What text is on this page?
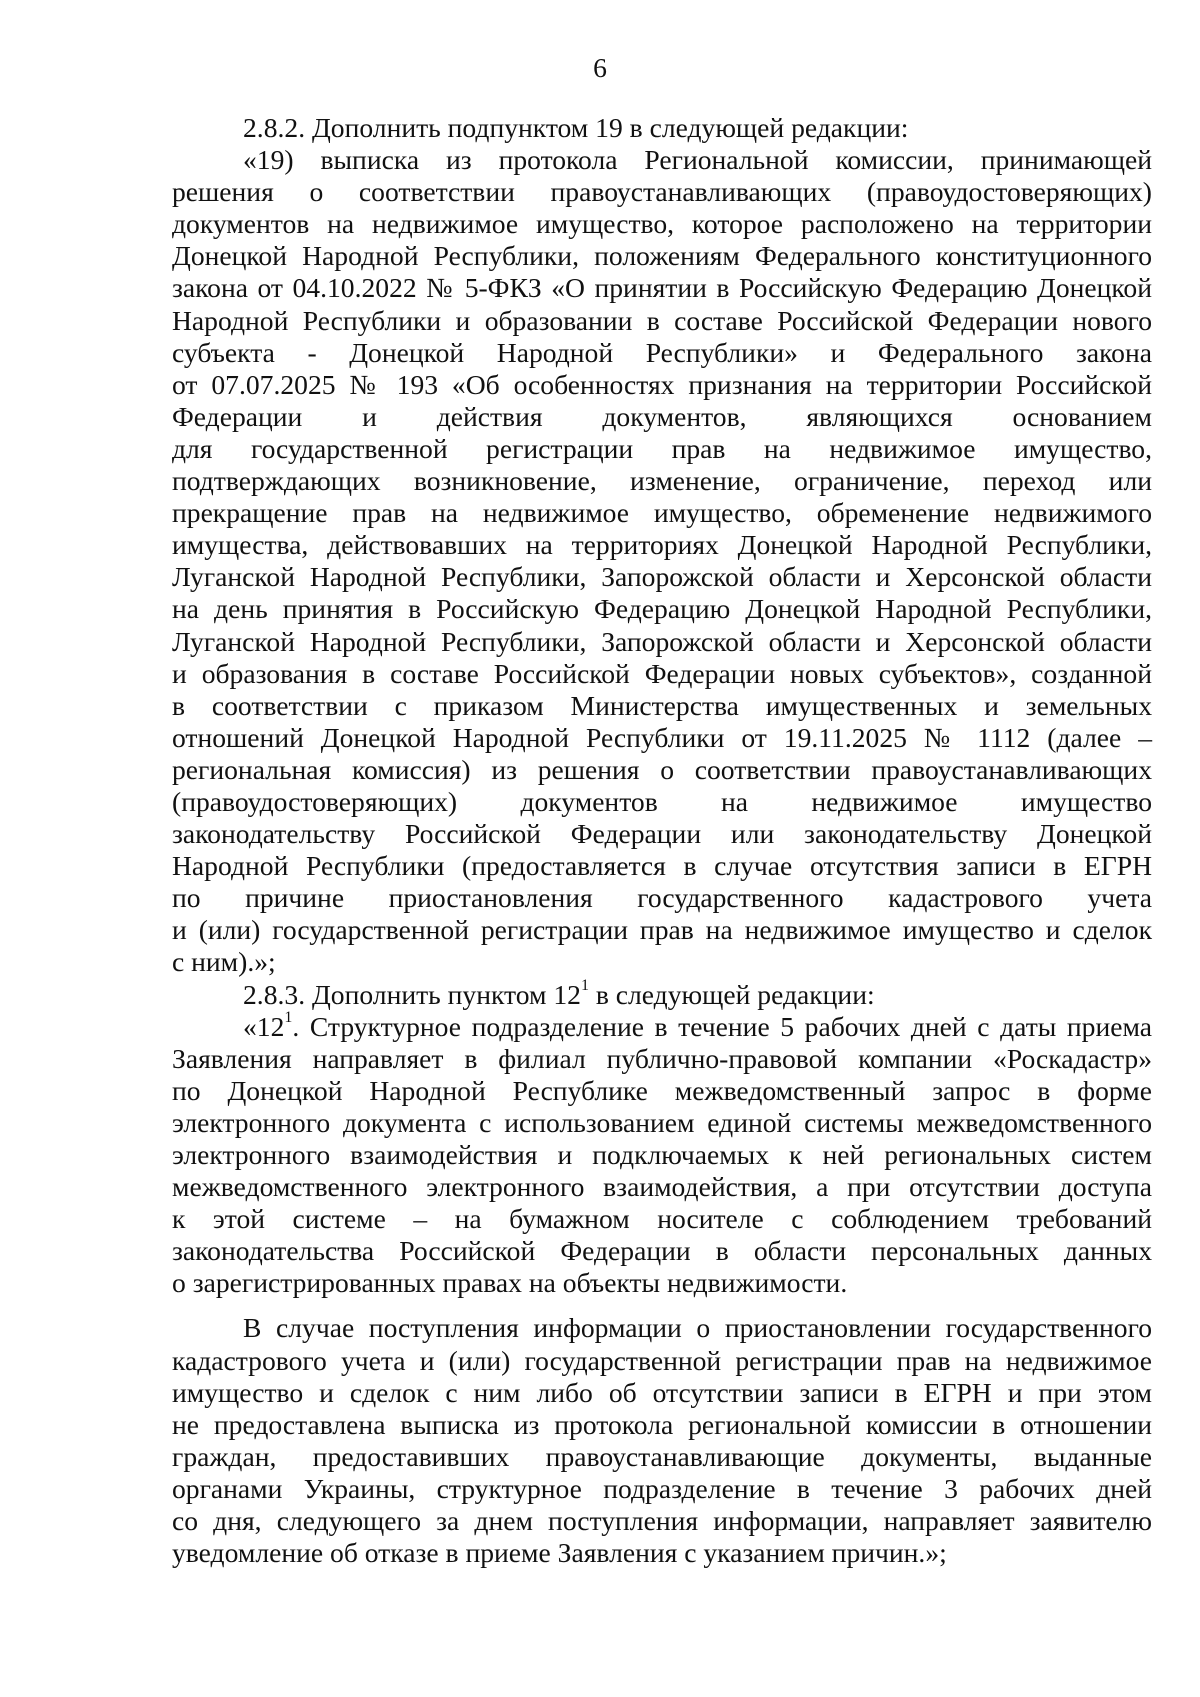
6
2.8.2. Дополнить подпунктом 19 в следующей редакции:
«19) выписка из протокола Региональной комиссии, принимающей
решения о соответствии правоустанавливающих (правоудостоверяющих)
документов на недвижимое имущество, которое расположено на территории
Донецкой Народной Республики, положениям Федерального конституционного
закона от 04.10.2022 № 5-ФКЗ «О принятии в Российскую Федерацию Донецкой
Народной Республики и образовании в составе Российской Федерации нового
субъекта - Донецкой Народной Республики» и Федерального закона
от 07.07.2025 № 193 «Об особенностях признания на территории Российской
Федерации и действия документов, являющихся основанием
для государственной регистрации прав на недвижимое имущество,
подтверждающих возникновение, изменение, ограничение, переход или
прекращение прав на недвижимое имущество, обременение недвижимого
имущества, действовавших на территориях Донецкой Народной Республики,
Луганской Народной Республики, Запорожской области и Херсонской области
на день принятия в Российскую Федерацию Донецкой Народной Республики,
Луганской Народной Республики, Запорожской области и Херсонской области
и образования в составе Российской Федерации новых субъектов», созданной
в соответствии с приказом Министерства имущественных и земельных
отношений Донецкой Народной Республики от 19.11.2025 № 1112 (далее –
региональная комиссия) из решения о соответствии правоустанавливающих
(правоудостоверяющих) документов на недвижимое имущество
законодательству Российской Федерации или законодательству Донецкой
Народной Республики (предоставляется в случае отсутствия записи в ЕГРН
по причине приостановления государственного кадастрового учета
и (или) государственной регистрации прав на недвижимое имущество и сделок
с ним).»;
2.8.3. Дополнить пунктом $12^1$ в следующей редакции:
«$12^1$. Структурное подразделение в течение 5 рабочих дней с даты приема
Заявления направляет в филиал публично-правовой компании «Роскадастр»
по Донецкой Народной Республике межведомственный запрос в форме
электронного документа с использованием единой системы межведомственного
электронного взаимодействия и подключаемых к ней региональных систем
межведомственного электронного взаимодействия, а при отсутствии доступа
к этой системе – на бумажном носителе с соблюдением требований
законодательства Российской Федерации в области персональных данных
о зарегистрированных правах на объекты недвижимости.
В случае поступления информации о приостановлении государственного
кадастрового учета и (или) государственной регистрации прав на недвижимое
имущество и сделок с ним либо об отсутствии записи в ЕГРН и при этом
не предоставлена выписка из протокола региональной комиссии в отношении
граждан, предоставивших правоустанавливающие документы, выданные
органами Украины, структурное подразделение в течение 3 рабочих дней
со дня, следующего за днем поступления информации, направляет заявителю
уведомление об отказе в приеме Заявления с указанием причин.»;
